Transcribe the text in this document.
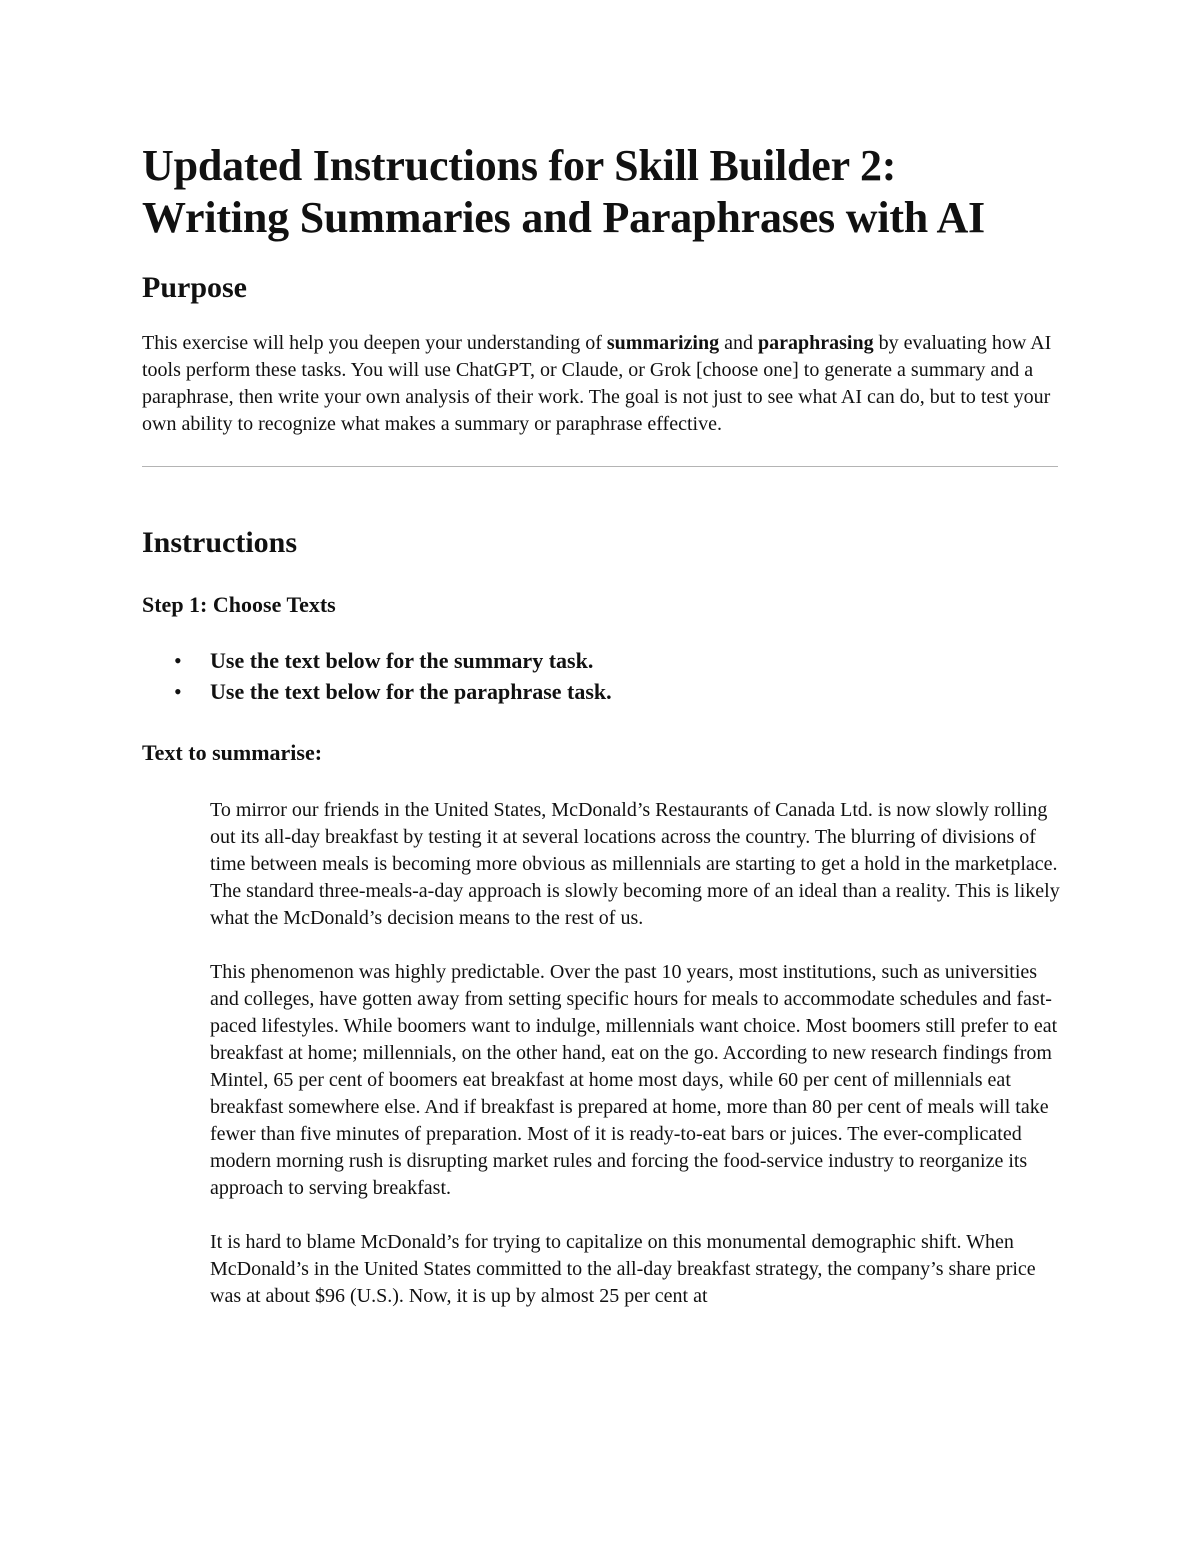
Updated Instructions for Skill Builder 2:
Writing Summaries and Paraphrases with AI
Purpose

This exercise will help you deepen your understanding of summarizing and paraphrasing by evaluating how AI tools perform these tasks. You will use ChatGPT, or Claude, or Grok [choose one] to generate a summary and a paraphrase, then write your own analysis of their work. The goal is not just to see what AI can do, but to test your own ability to recognize what makes a summary or paraphrase effective.

Instructions
Step 1: Choose Texts
• Use the text below for the summary task.
• Use the text below for the paraphrase task.
Text to summarise:

To mirror our friends in the United States, McDonald’s Restaurants of Canada Ltd. is now slowly rolling out its all-day breakfast by testing it at several locations across the country. The blurring of divisions of time between meals is becoming more obvious as millennials are starting to get a hold in the marketplace. The standard three-meals-a-day approach is slowly becoming more of an ideal than a reality. This is likely what the McDonald’s decision means to the rest of us.

This phenomenon was highly predictable. Over the past 10 years, most institutions, such as universities and colleges, have gotten away from setting specific hours for meals to accommodate schedules and fast-paced lifestyles. While boomers want to indulge, millennials want choice. Most boomers still prefer to eat breakfast at home; millennials, on the other hand, eat on the go. According to new research findings from Mintel, 65 per cent of boomers eat breakfast at home most days, while 60 per cent of millennials eat breakfast somewhere else. And if breakfast is prepared at home, more than 80 per cent of meals will take fewer than five minutes of preparation. Most of it is ready-to-eat bars or juices. The ever-complicated modern morning rush is disrupting market rules and forcing the food-service industry to reorganize its approach to serving breakfast.

It is hard to blame McDonald’s for trying to capitalize on this monumental demographic shift. When McDonald’s in the United States committed to the all-day breakfast strategy, the company’s share price was at about $96 (U.S.). Now, it is up by almost 25 per cent at
